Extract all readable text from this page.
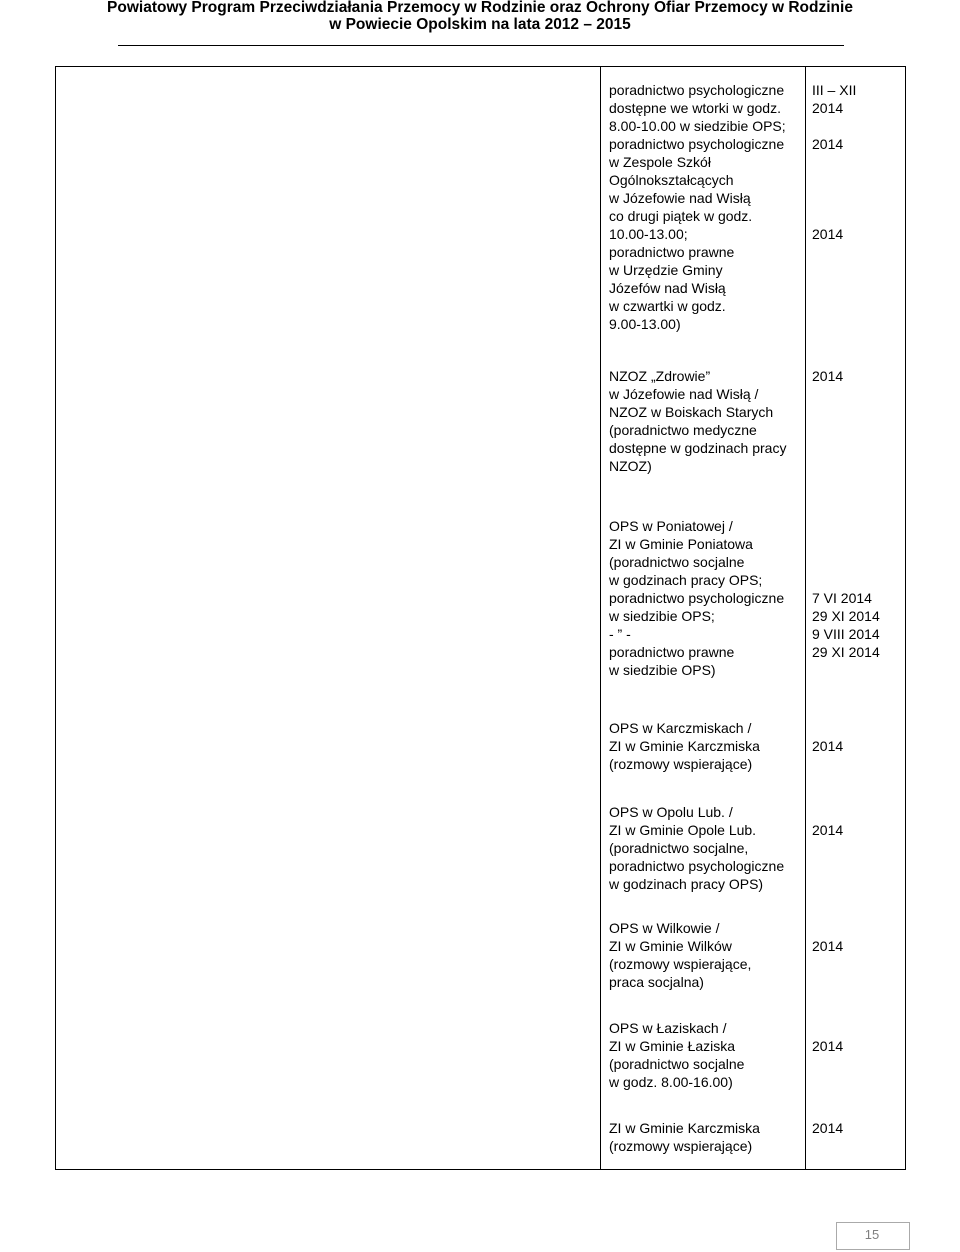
Powiatowy Program Przeciwdziałania Przemocy w Rodzinie oraz Ochrony Ofiar Przemocy w Rodzinie
w Powiecie Opolskim na lata 2012 – 2015
poradnictwo psychologiczne
dostępne we wtorki w godz.
8.00-10.00 w siedzibie OPS;
poradnictwo psychologiczne
w Zespole Szkół
Ogólnokształcących
w Józefowie nad Wisłą
co drugi piątek w godz.
10.00-13.00;
poradnictwo prawne
w Urzędzie Gminy
Józefów nad Wisłą
w czwartki w godz.
9.00-13.00)
III – XII
2014

2014

2014
NZOZ „Zdrowie”
w Józefowie nad Wisłą /
NZOZ w Boiskach Starych
(poradnictwo medyczne
dostępne w godzinach pracy
NZOZ)
2014
OPS w Poniatowej /
ZI w Gminie Poniatowa
(poradnictwo socjalne
w godzinach pracy OPS;
poradnictwo psychologiczne
w siedzibie OPS;
- ” -
poradnictwo prawne
w siedzibie OPS)

7 VI 2014
29 XI 2014
9 VIII 2014
29 XI 2014
OPS w Karczmiskach /
ZI w Gminie Karczmiska
(rozmowy wspierające)

2014
OPS w Opolu Lub. /
ZI w Gminie Opole Lub.
(poradnictwo socjalne,
poradnictwo psychologiczne
w godzinach pracy OPS)

2014
OPS w Wilkowie /
ZI w Gminie Wilków
(rozmowy wspierające,
praca socjalna)

2014
OPS w Łaziskach /
ZI w Gminie Łaziska
(poradnictwo socjalne
w godz. 8.00-16.00)

2014
ZI w Gminie Karczmiska
(rozmowy wspierające)
2014
15
